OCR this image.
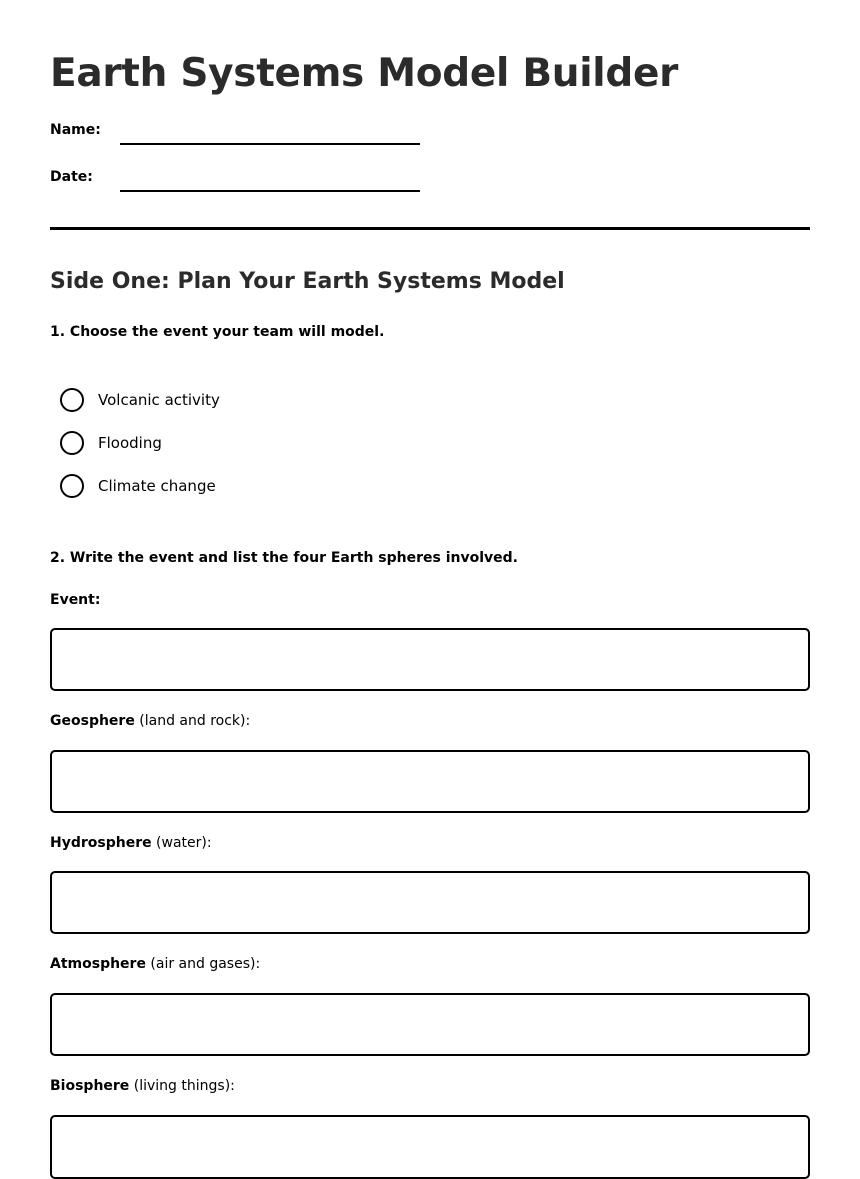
Earth Systems Model Builder
Name:
Date:
Side One: Plan Your Earth Systems Model

1. Choose the event your team will model.

Volcanic activity
Flooding
Climate change

2. Write the event and list the four Earth spheres involved.

Event:
Geosphere (land and rock):
Hydrosphere (water):
Atmosphere (air and gases):
Biosphere (living things):
